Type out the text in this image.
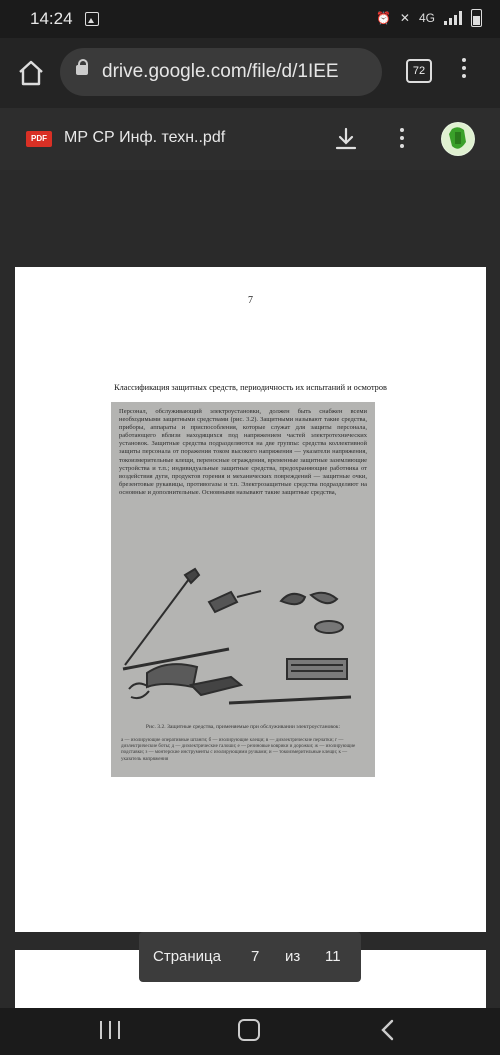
14:24	⏰ ✕ 4G
drive.google.com/file/d/1IEE	72
PDF	МР СР Инф. техн..pdf
7
Классификация защитных средств, периодичность их испытаний и осмотров
Персонал, обслуживающий электроустановки, должен быть снабжен всеми необходимыми защитными средствами (рис. 3.2). Защитными называют такие средства, приборы, аппараты и приспособления, которые служат для защиты персонала, работающего вблизи находящихся под напряжением частей электротехнических установок. Защитные средства подразделяются на две группы: средства коллективной защиты персонала от поражения током высокого напряжения — указатели напряжения, токоизмерительные клещи, переносные ограждения, временные защитные заземляющие устройства и т.п.; индивидуальные защитные средства, предохраняющие работника от воздействия дуги, продуктов горения и механических повреждений — защитные очки, брезентовые рукавицы, противогазы и т.п. Электрозащитные средства подразделяют на основные и дополнительные. Основными называют такие защитные средства,
Рис. 3.2. Защитные средства, применяемые при обслуживании электроустановок:
а — изолирующие оперативные штанги; б — изолирующие клещи; в — диэлектрические перчатки; г — диэлектрические боты; д — диэлектрические галоши; е — резиновые коврики и дорожки; ж — изолирующие подставки; з — монтерские инструменты с изолирующими ручками; и — токоизмерительные клещи; к — указатель напряжения
Страница 7 из 11
